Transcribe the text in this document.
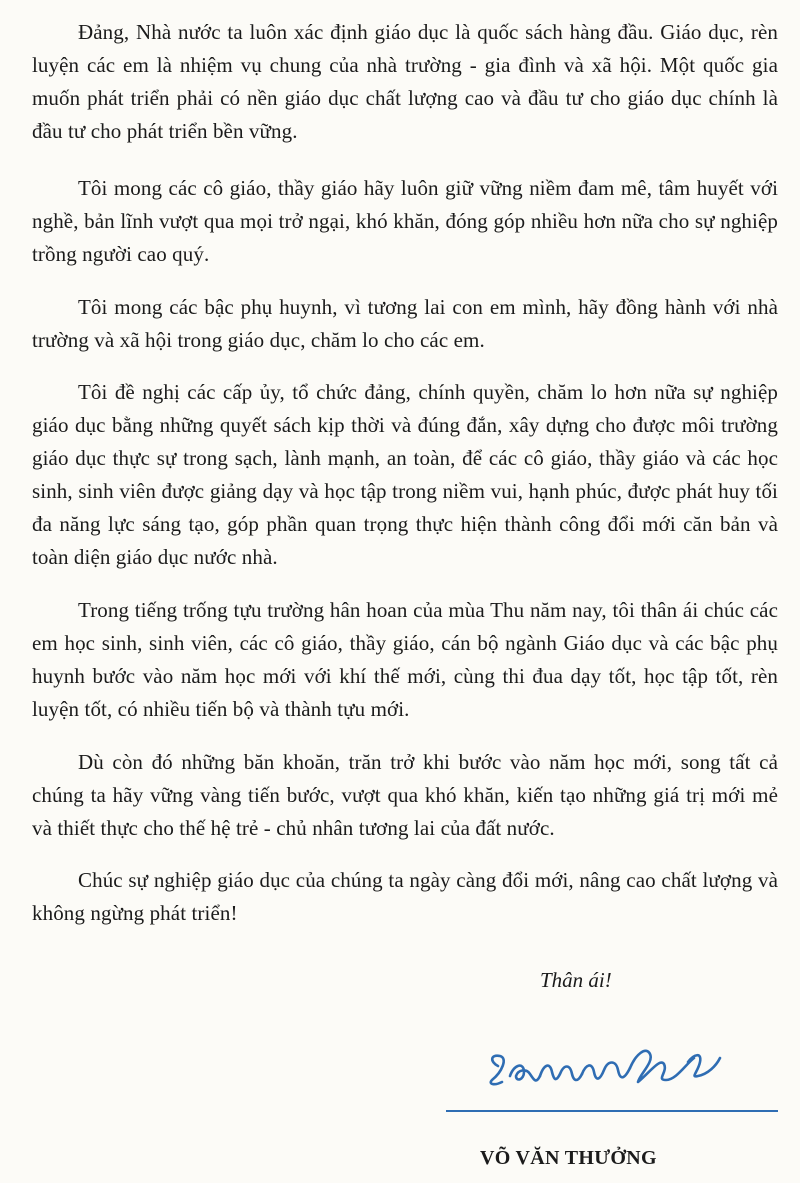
Đảng, Nhà nước ta luôn xác định giáo dục là quốc sách hàng đầu. Giáo dục, rèn luyện các em là nhiệm vụ chung của nhà trường - gia đình và xã hội. Một quốc gia muốn phát triển phải có nền giáo dục chất lượng cao và đầu tư cho giáo dục chính là đầu tư cho phát triển bền vững.

Tôi mong các cô giáo, thầy giáo hãy luôn giữ vững niềm đam mê, tâm huyết với nghề, bản lĩnh vượt qua mọi trở ngại, khó khăn, đóng góp nhiều hơn nữa cho sự nghiệp trồng người cao quý.

Tôi mong các bậc phụ huynh, vì tương lai con em mình, hãy đồng hành với nhà trường và xã hội trong giáo dục, chăm lo cho các em.

Tôi đề nghị các cấp ủy, tổ chức đảng, chính quyền, chăm lo hơn nữa sự nghiệp giáo dục bằng những quyết sách kịp thời và đúng đắn, xây dựng cho được môi trường giáo dục thực sự trong sạch, lành mạnh, an toàn, để các cô giáo, thầy giáo và các học sinh, sinh viên được giảng dạy và học tập trong niềm vui, hạnh phúc, được phát huy tối đa năng lực sáng tạo, góp phần quan trọng thực hiện thành công đổi mới căn bản và toàn diện giáo dục nước nhà.

Trong tiếng trống tựu trường hân hoan của mùa Thu năm nay, tôi thân ái chúc các em học sinh, sinh viên, các cô giáo, thầy giáo, cán bộ ngành Giáo dục và các bậc phụ huynh bước vào năm học mới với khí thế mới, cùng thi đua dạy tốt, học tập tốt, rèn luyện tốt, có nhiều tiến bộ và thành tựu mới.

Dù còn đó những băn khoăn, trăn trở khi bước vào năm học mới, song tất cả chúng ta hãy vững vàng tiến bước, vượt qua khó khăn, kiến tạo những giá trị mới mẻ và thiết thực cho thế hệ trẻ - chủ nhân tương lai của đất nước.

Chúc sự nghiệp giáo dục của chúng ta ngày càng đổi mới, nâng cao chất lượng và không ngừng phát triển!

Thân ái!

VÕ VĂN THƯỞNG
